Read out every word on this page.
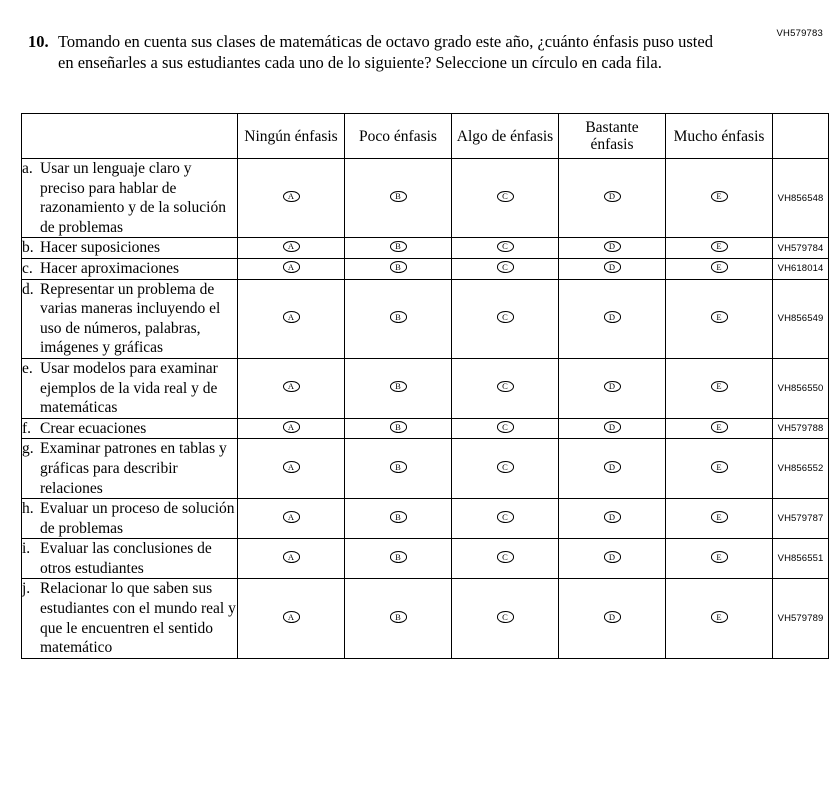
VH579783
10. Tomando en cuenta sus clases de matemáticas de octavo grado este año, ¿cuánto énfasis puso usted en enseñarles a sus estudiantes cada uno de lo siguiente? Seleccione un círculo en cada fila.

	Ningún énfasis	Poco énfasis	Algo de énfasis	Bastante énfasis	Mucho énfasis	

a. Usar un lenguaje claro y preciso para hablar de razonamiento y de la solución de problemas	A	B	C	D	E	VH856548

b. Hacer suposiciones	A	B	C	D	E	VH579784

c. Hacer aproximaciones	A	B	C	D	E	VH618014

d. Representar un problema de varias maneras incluyendo el uso de números, palabras, imágenes y gráficas	A	B	C	D	E	VH856549

e. Usar modelos para examinar ejemplos de la vida real y de matemáticas	A	B	C	D	E	VH856550

f. Crear ecuaciones	A	B	C	D	E	VH579788

g. Examinar patrones en tablas y gráficas para describir relaciones	A	B	C	D	E	VH856552

h. Evaluar un proceso de solución de problemas	A	B	C	D	E	VH579787

i. Evaluar las conclusiones de otros estudiantes	A	B	C	D	E	VH856551

j. Relacionar lo que saben sus estudiantes con el mundo real y que le encuentren el sentido matemático	A	B	C	D	E	VH579789
